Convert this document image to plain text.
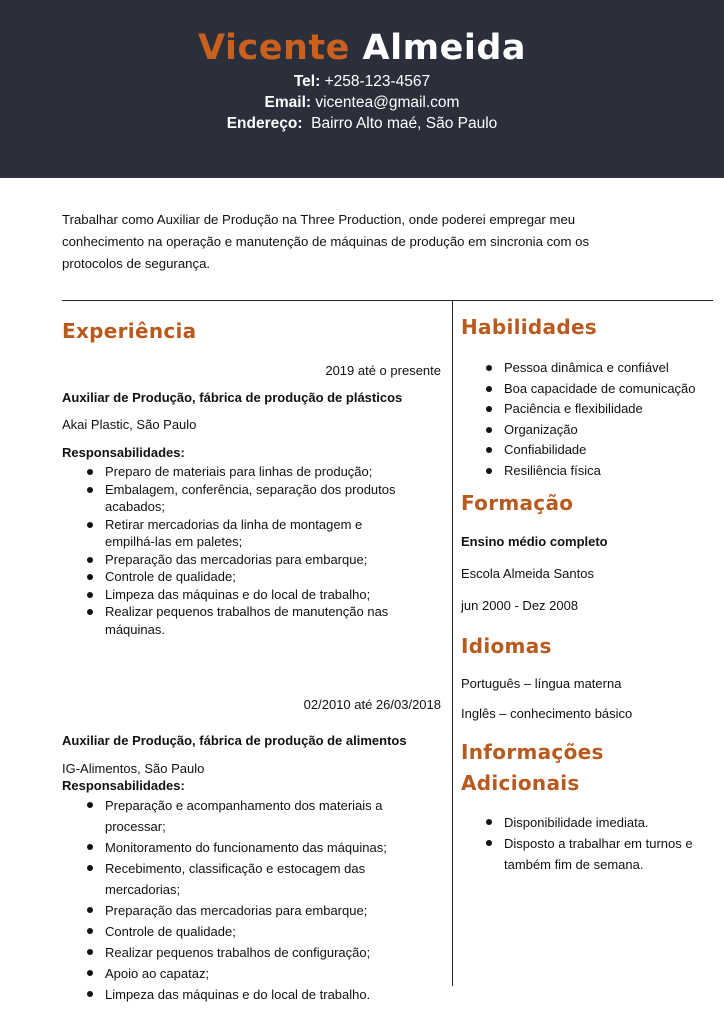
Vicente Almeida
Tel: +258-123-4567
Email: vicentea@gmail.com
Endereço: Bairro Alto maé, São Paulo
Trabalhar como Auxiliar de Produção na Three Production, onde poderei empregar meu conhecimento na operação e manutenção de máquinas de produção em sincronia com os protocolos de segurança.
Experiência
2019 até o presente
Auxiliar de Produção, fábrica de produção de plásticos
Akai Plastic, São Paulo
Responsabilidades:
Preparo de materiais para linhas de produção;
Embalagem, conferência, separação dos produtos acabados;
Retirar mercadorias da linha de montagem e empilhá-las em paletes;
Preparação das mercadorias para embarque;
Controle de qualidade;
Limpeza das máquinas e do local de trabalho;
Realizar pequenos trabalhos de manutenção nas máquinas.
02/2010 até 26/03/2018
Auxiliar de Produção, fábrica de produção de alimentos
IG-Alimentos, São Paulo
Responsabilidades:
Preparação e acompanhamento dos materiais a processar;
Monitoramento do funcionamento das máquinas;
Recebimento, classificação e estocagem das mercadorias;
Preparação das mercadorias para embarque;
Controle de qualidade;
Realizar pequenos trabalhos de configuração;
Apoio ao capataz;
Limpeza das máquinas e do local de trabalho.
Habilidades
Pessoa dinâmica e confiável
Boa capacidade de comunicação
Paciência e flexibilidade
Organização
Confiabilidade
Resiliência física
Formação
Ensino médio completo
Escola Almeida Santos
jun 2000 - Dez 2008
Idiomas
Português – língua materna
Inglês – conhecimento básico
Informações
Adicionais
Disponibilidade imediata.
Disposto a trabalhar em turnos e também fim de semana.
